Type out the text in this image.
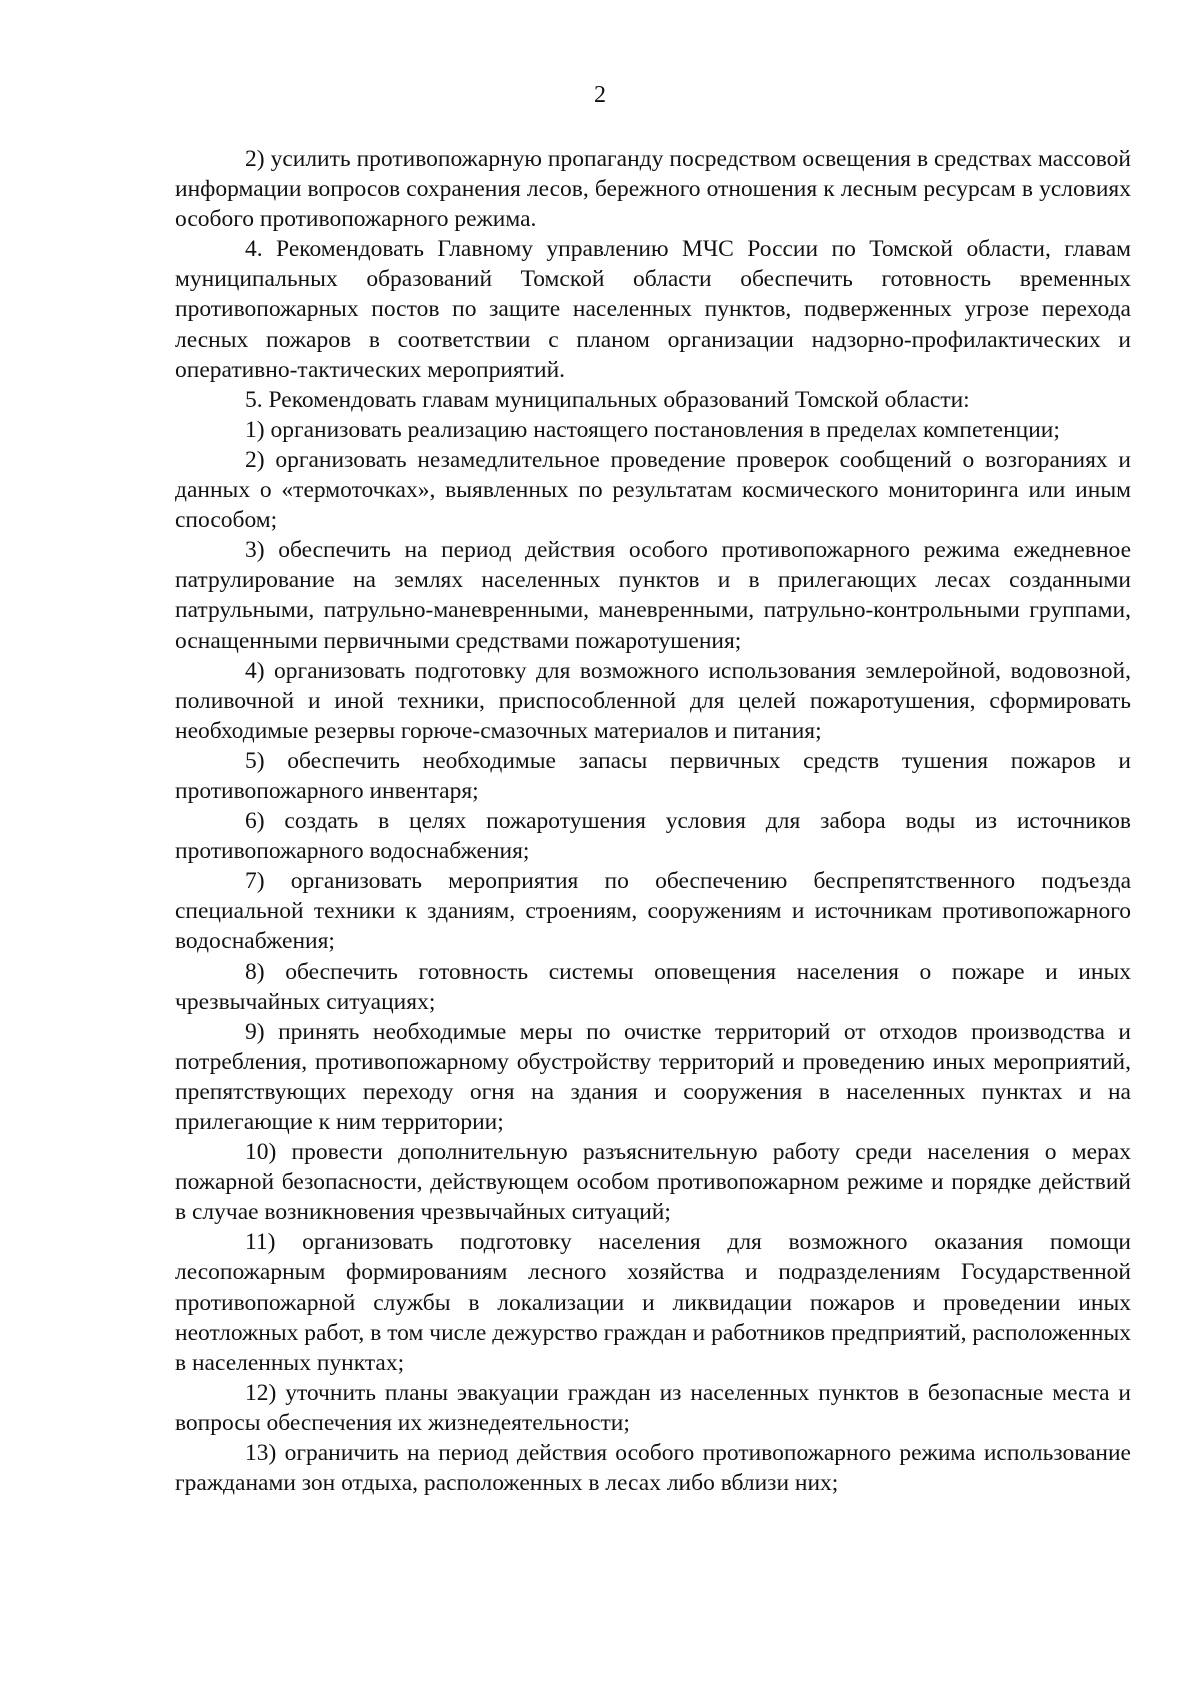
2

2) усилить противопожарную пропаганду посредством освещения в средствах массовой информации вопросов сохранения лесов, бережного отношения к лесным ресурсам в условиях особого противопожарного режима.

4. Рекомендовать Главному управлению МЧС России по Томской области, главам муниципальных образований Томской области обеспечить готовность временных противопожарных постов по защите населенных пунктов, подверженных угрозе перехода лесных пожаров в соответствии с планом организации надзорно-профилактических и оперативно-тактических мероприятий.

5. Рекомендовать главам муниципальных образований Томской области:

1) организовать реализацию настоящего постановления в пределах компетенции;

2) организовать незамедлительное проведение проверок сообщений о возгораниях и данных о «термоточках», выявленных по результатам космического мониторинга или иным способом;

3) обеспечить на период действия особого противопожарного режима ежедневное патрулирование на землях населенных пунктов и в прилегающих лесах созданными патрульными, патрульно-маневренными, маневренными, патрульно-контрольными группами, оснащенными первичными средствами пожаротушения;

4) организовать подготовку для возможного использования землеройной, водовозной, поливочной и иной техники, приспособленной для целей пожаротушения, сформировать необходимые резервы горюче-смазочных материалов и питания;

5) обеспечить необходимые запасы первичных средств тушения пожаров и противопожарного инвентаря;

6) создать в целях пожаротушения условия для забора воды из источников противопожарного водоснабжения;

7) организовать мероприятия по обеспечению беспрепятственного подъезда специальной техники к зданиям, строениям, сооружениям и источникам противопожарного водоснабжения;

8) обеспечить готовность системы оповещения населения о пожаре и иных чрезвычайных ситуациях;

9) принять необходимые меры по очистке территорий от отходов производства и потребления, противопожарному обустройству территорий и проведению иных мероприятий, препятствующих переходу огня на здания и сооружения в населенных пунктах и на прилегающие к ним территории;

10) провести дополнительную разъяснительную работу среди населения о мерах пожарной безопасности, действующем особом противопожарном режиме и порядке действий в случае возникновения чрезвычайных ситуаций;

11) организовать подготовку населения для возможного оказания помощи лесопожарным формированиям лесного хозяйства и подразделениям Государственной противопожарной службы в локализации и ликвидации пожаров и проведении иных неотложных работ, в том числе дежурство граждан и работников предприятий, расположенных в населенных пунктах;

12) уточнить планы эвакуации граждан из населенных пунктов в безопасные места и вопросы обеспечения их жизнедеятельности;

13) ограничить на период действия особого противопожарного режима использование гражданами зон отдыха, расположенных в лесах либо вблизи них;
